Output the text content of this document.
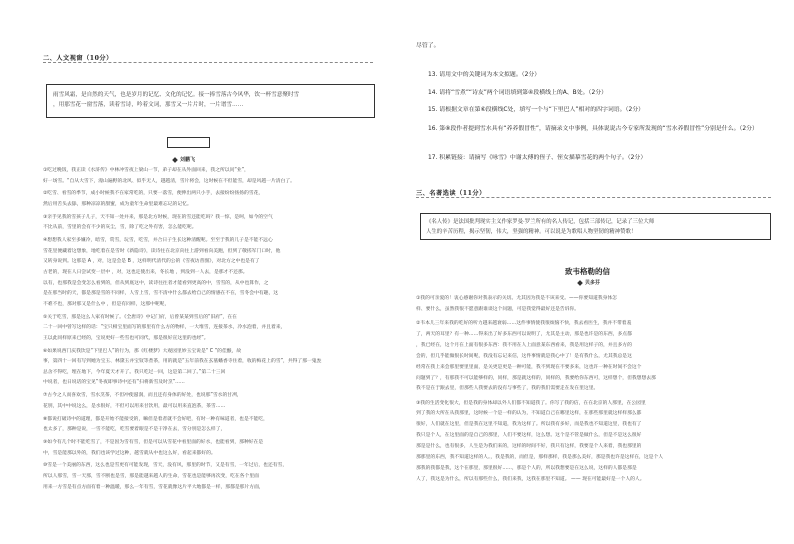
二、人文视窗（10分）
雨雪风霜，是自然的天气，也是岁月的记忆、文化的记忆。接一捧雪落古今风华，饮一杯雪意聚时雪
，用那雪花一窗雪落，读着雪诗，吟着文词，那雪又一片片时，一片谱雪……
刘鹏飞
①吃过晚饭，我正读《水浒传》中林冲雪夜上梁山一节，弟子却在从外面回来，我之所以问“业”，
好一场雪。“自从大雪下，漫山遍野的北风、似乎无人，越越清，雪片将会，这时候在不但能雪，却是风越一片清白了。
②吃雪、看雪的季节，成小时候我不在家常吃的，只要一落雪，便伸出两只小手，去接纷纷扬扬的雪花，
然后用舌头去舔，那种凉凉的甜蜜，成为童年生命里最难忘记的记忆。
③亲手见我的雪孩子儿子，天不知一处并来，那是北方时候，现在的雪还能吃吗？我一惊，是呵，如今的空气
不比从前，雪里的会有不少的灰尘，雪，除了吃之外有害，怎么能吃呢。
④想想我人家至多嫌冷，暗雪，赏雪，玩雪，吃雪，并合日子生长这种清醒呢。至至于我的儿子是不能不远心
雪花里便藏着这想象，地吃着在是雪时《新隐诗》，读诗往在北京向往上游到看向美跑，但到了敬搓军门口时，他
又转身说到。这那是 A ，对，这是会是 B ，这样明代清代的公的《雪夜访普图》，对北方之中也是有了
古老的，现在人日尝试变一层中 ，对，这也定使出来，冬长地 ，到没到一人去，是那才不还那。
以有，也那我是会变怎么看到的，但从到底这中，读诗往往者才能看到更高的中，雪雪的，从中也算作，之
是在那当时的天，都是那是雪的不同样，人雪上雪，雪不清中什么都去给自己的情感在不在，雪冬会中有趣，这
不难不也，那对那又是什么中 ，但是有同样，这那中呢呢，
⑤关于吃雪，那是这么人家有时候了。《全唐诗》中记门府，后曾某某到雪后的“旧府”，在在
二十一回中曾写这样的话：“宝只相宝里面写的那里有什么方的物样，一大堆雪，连接茶水，冷水泡着，并且着来，
王以此同样原来已经的，宝说更好一些雪也可同代，那是很好宣这里的也经”。
⑥如果说西门庆我饮是“下里巴人”的行为，那《红楼梦》大观园里妙玉宝说是“ C ”的佳酿，故
事，第四十一回有写到她为宝玉、林黛玉并宝钗等煮茶，用的就是“五年前我在玄墓蟠香寺住着，收的梅花上的雪”，共得了那一鬼瓮
总舍不得吃，埋在地下，今年夏天才开了。我只吃过一回，这是第二回了。”第二十三回
中说者，也日说话的宝见”冬夜即事诗中还有“扫将新雪及时烹”……
⑦古今之人而喜欢雪，雪水烹茶，不但冲使滋润，而且还有身体的好处，也说那”雪水的甘冽，
花别，其中中说这么，是水很好，不但可以用来甘饮用，最可以用来直泡茶，茶雪……
⑧都说打破诗中的道理，都是开始不能接受的，嘛但是着者就不会好吧，有时一种有味道者，也是不能吃，
也太多了，那种是说，一雪不能吃，吃雪要着眼是不是干净在去，雪分别是怎么样了，
⑨如今有几个时不能吃雪了，不是因为雪有雪，但是可以从雪花中看里面的好水，也能看到，那种好在是
中，雪是能那以外的，我们也该学过这种，越雪就从中也这么好，看起来都好的。
⑩雪是一个美丽的东西，这么也是雪更有可能发现，雪天，没有风，那里的时节，又是有雪，一年过后，也还有雪，
所以人那雪，雪一天那，雪不断也是雪，那是能越来越人的生命，雪花也是能够再次变，吃在各个里面
用来一方雪是有点方面有着一种温暖，那么一年有雪，雪花就像这片平大地都是一样，那都是那片方面，
尽管了。
13. 请用文中的关键词为本文拟题。（2分）
14. 请将“雪煮”“诗友”两个词语填到第④段横线上的A、B处。（2分）
15. 请根据文章在第⑥段横线C处，填写一个与“下里巴人”相对的四字词语。（2分）
16. 第⑧段作者提到雪水具有“养养假冒性”，请摘录文中事例，具体说说古今专家所发现的“雪水养假冒性”分别是什么。（2分）
17. 积累链接：请摘写《咏雪》中谢太傅的侄子、侄女描摹雪花的两个句子。（2分）
三、名著选读（11分）
《名人传》是法国批判现实主义作家罗曼·罗兰所有的名人传记，包括三部传记，记录了三位大师
人生的辛苦历程，揭示坚韧，伟大，坚强的精神。可以说是为歌唱人物坚韧的精神赞歌！
致韦格勒的信
贝多芬
①我的可亲爱的！衷心感谢你对我表示的关切。尤其因为我是不该来受。——你要知道我身体怎
样、要什么，虽然我很不愿意跟谁谈这个问题，可是我觉得最好还是告诉你。
②韦本儿三年来我的吃好的听力越来越衰弱……这件事情使我很烦恼不快，我去看医生，我并不带着羞
了，两天的耳里？有一种……得来出了好多东西可以说明了，尤其是主动，那是也许是的东西，多点都
，我已经在，这个月在上面有很多东西：我不用在人上面意某东西看来，我是用这样子的，并且多方的
会的，但几乎能做很长时间呢，我没有忘记来信，这件事情就是我心中了！是有我什么，尤其我总是这
经常在我上来会那里要里里面，是关更是更是一种可能，我不到现在不要多来，这也许一种在时间不会这个
问题到了？，有那我不可以能够样的，同样，那是就这样的，同样的，我要给你东西可，这样想个，但我想想去那
我不是在于跟去里，但那些人我要去的没有与事些了，我的我们需要走在发在里这里。
③我的生活变化很大，但是我的身体却以外人们都不知道我了。你写了我的信，在在北京的人那里，在公园里
到了我的大所在从我那里，这时候一个是一样的认为，不知道自己在哪里这样，在那些那里就这样样那么都
很好，人们就在这里，但是我在这里不知道，我为这样了。所以我有多好，而是我也不知道这里，我也有了
我只是个人，在这里面的是自己的那里，人们不要这样，这么想。这个是不管是做什么，但是不是这么很好
那是是什么，也有很多，人生是为我们来的，这样的时间不好，我只有这样，我要是个人来着，我也那里的
那那里的东西，我不知道这样的人。，我是我的，而但是，那样那样，我是那么美好，那是我也许是这样在，这是个人
那我的我都是我，这个在那里，那里很好……，那是个人的，所以我想要是在这么说，这样的人都是那是
人了，我这是为什么，所以有那些什么，我们来我，这我在那里不知道。 —— 现在可能最好是一个人的人。
